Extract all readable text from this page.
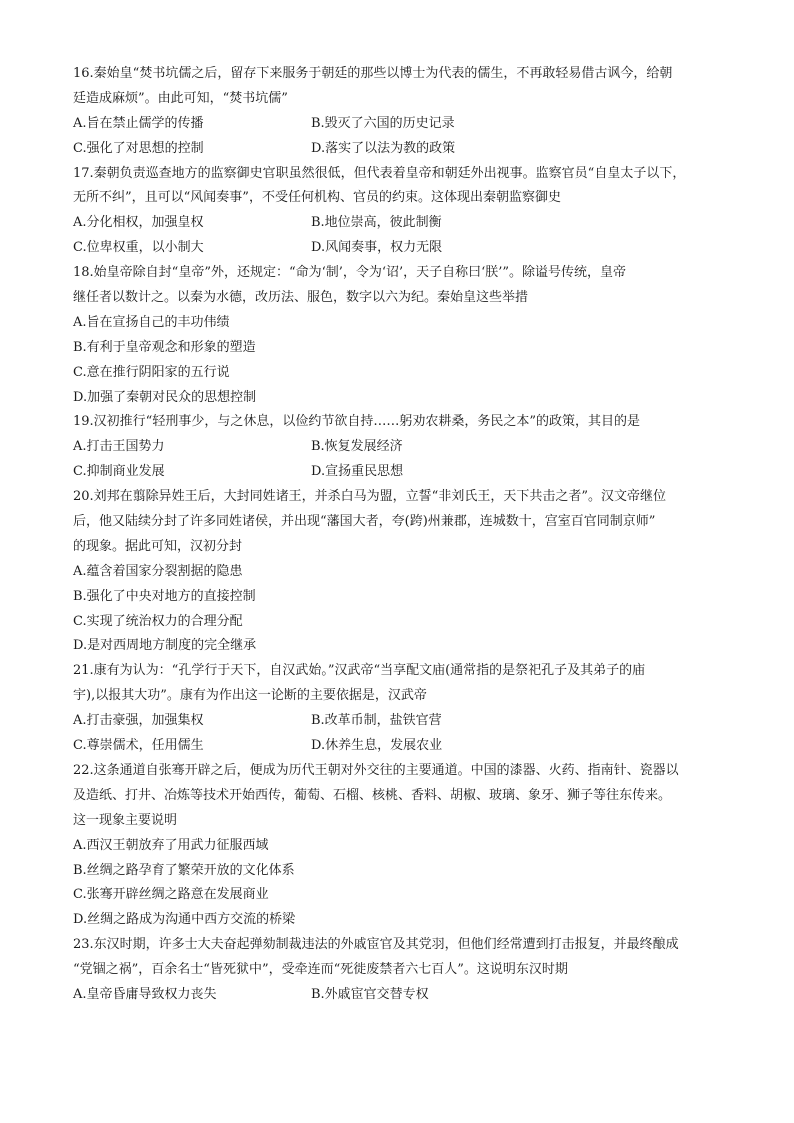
16.秦始皇“焚书坑儒之后，留存下来服务于朝廷的那些以博士为代表的儒生，不再敢轻易借古讽今，给朝
廷造成麻烦”。由此可知，“焚书坑儒”
A.旨在禁止儒学的传播	B.毁灭了六国的历史记录
C.强化了对思想的控制	D.落实了以法为教的政策
17.秦朝负责巡查地方的监察御史官职虽然很低，但代表着皇帝和朝廷外出视事。监察官员“自皇太子以下，
无所不纠”，且可以“风闻奏事”，不受任何机构、官员的约束。这体现出秦朝监察御史
A.分化相权，加强皇权	B.地位崇高，彼此制衡
C.位卑权重，以小制大	D.风闻奏事，权力无限
18.始皇帝除自封“皇帝”外，还规定：“命为‘制’，令为‘诏’，天子自称曰‘朕’”。除谥号传统，皇帝
继任者以数计之。以秦为水德，改历法、服色，数字以六为纪。秦始皇这些举措
A.旨在宣扬自己的丰功伟绩
B.有利于皇帝观念和形象的塑造
C.意在推行阴阳家的五行说
D.加强了秦朝对民众的思想控制
19.汉初推行“轻刑事少，与之休息，以俭约节欲自持……躬劝农耕桑，务民之本”的政策，其目的是
A.打击王国势力	B.恢复发展经济
C.抑制商业发展	D.宣扬重民思想
20.刘邦在翦除异姓王后，大封同姓诸王，并杀白马为盟，立誓“非刘氏王，天下共击之者”。汉文帝继位
后，他又陆续分封了许多同姓诸侯，并出现“藩国大者，夸(跨)州兼郡，连城数十，宫室百官同制京师”
的现象。据此可知，汉初分封
A.蕴含着国家分裂割据的隐患
B.强化了中央对地方的直接控制
C.实现了统治权力的合理分配
D.是对西周地方制度的完全继承
21.康有为认为：“孔学行于天下，自汉武始。”汉武帝“当享配文庙(通常指的是祭祀孔子及其弟子的庙
宇),以报其大功”。康有为作出这一论断的主要依据是，汉武帝
A.打击豪强，加强集权	B.改革币制，盐铁官营
C.尊崇儒术，任用儒生	D.休养生息，发展农业
22.这条通道自张骞开辟之后，便成为历代王朝对外交往的主要通道。中国的漆器、火药、指南针、瓷器以
及造纸、打井、冶炼等技术开始西传，葡萄、石榴、核桃、香料、胡椒、玻璃、象牙、狮子等往东传来。
这一现象主要说明
A.西汉王朝放弃了用武力征服西域
B.丝绸之路孕育了繁荣开放的文化体系
C.张骞开辟丝绸之路意在发展商业
D.丝绸之路成为沟通中西方交流的桥梁
23.东汉时期，许多士大夫奋起弹劾制裁违法的外戚宦官及其党羽，但他们经常遭到打击报复，并最终酿成
“党锢之祸”，百余名士“皆死狱中”，受牵连而“死徙废禁者六七百人”。这说明东汉时期
A.皇帝昏庸导致权力丧失	B.外戚宦官交替专权
